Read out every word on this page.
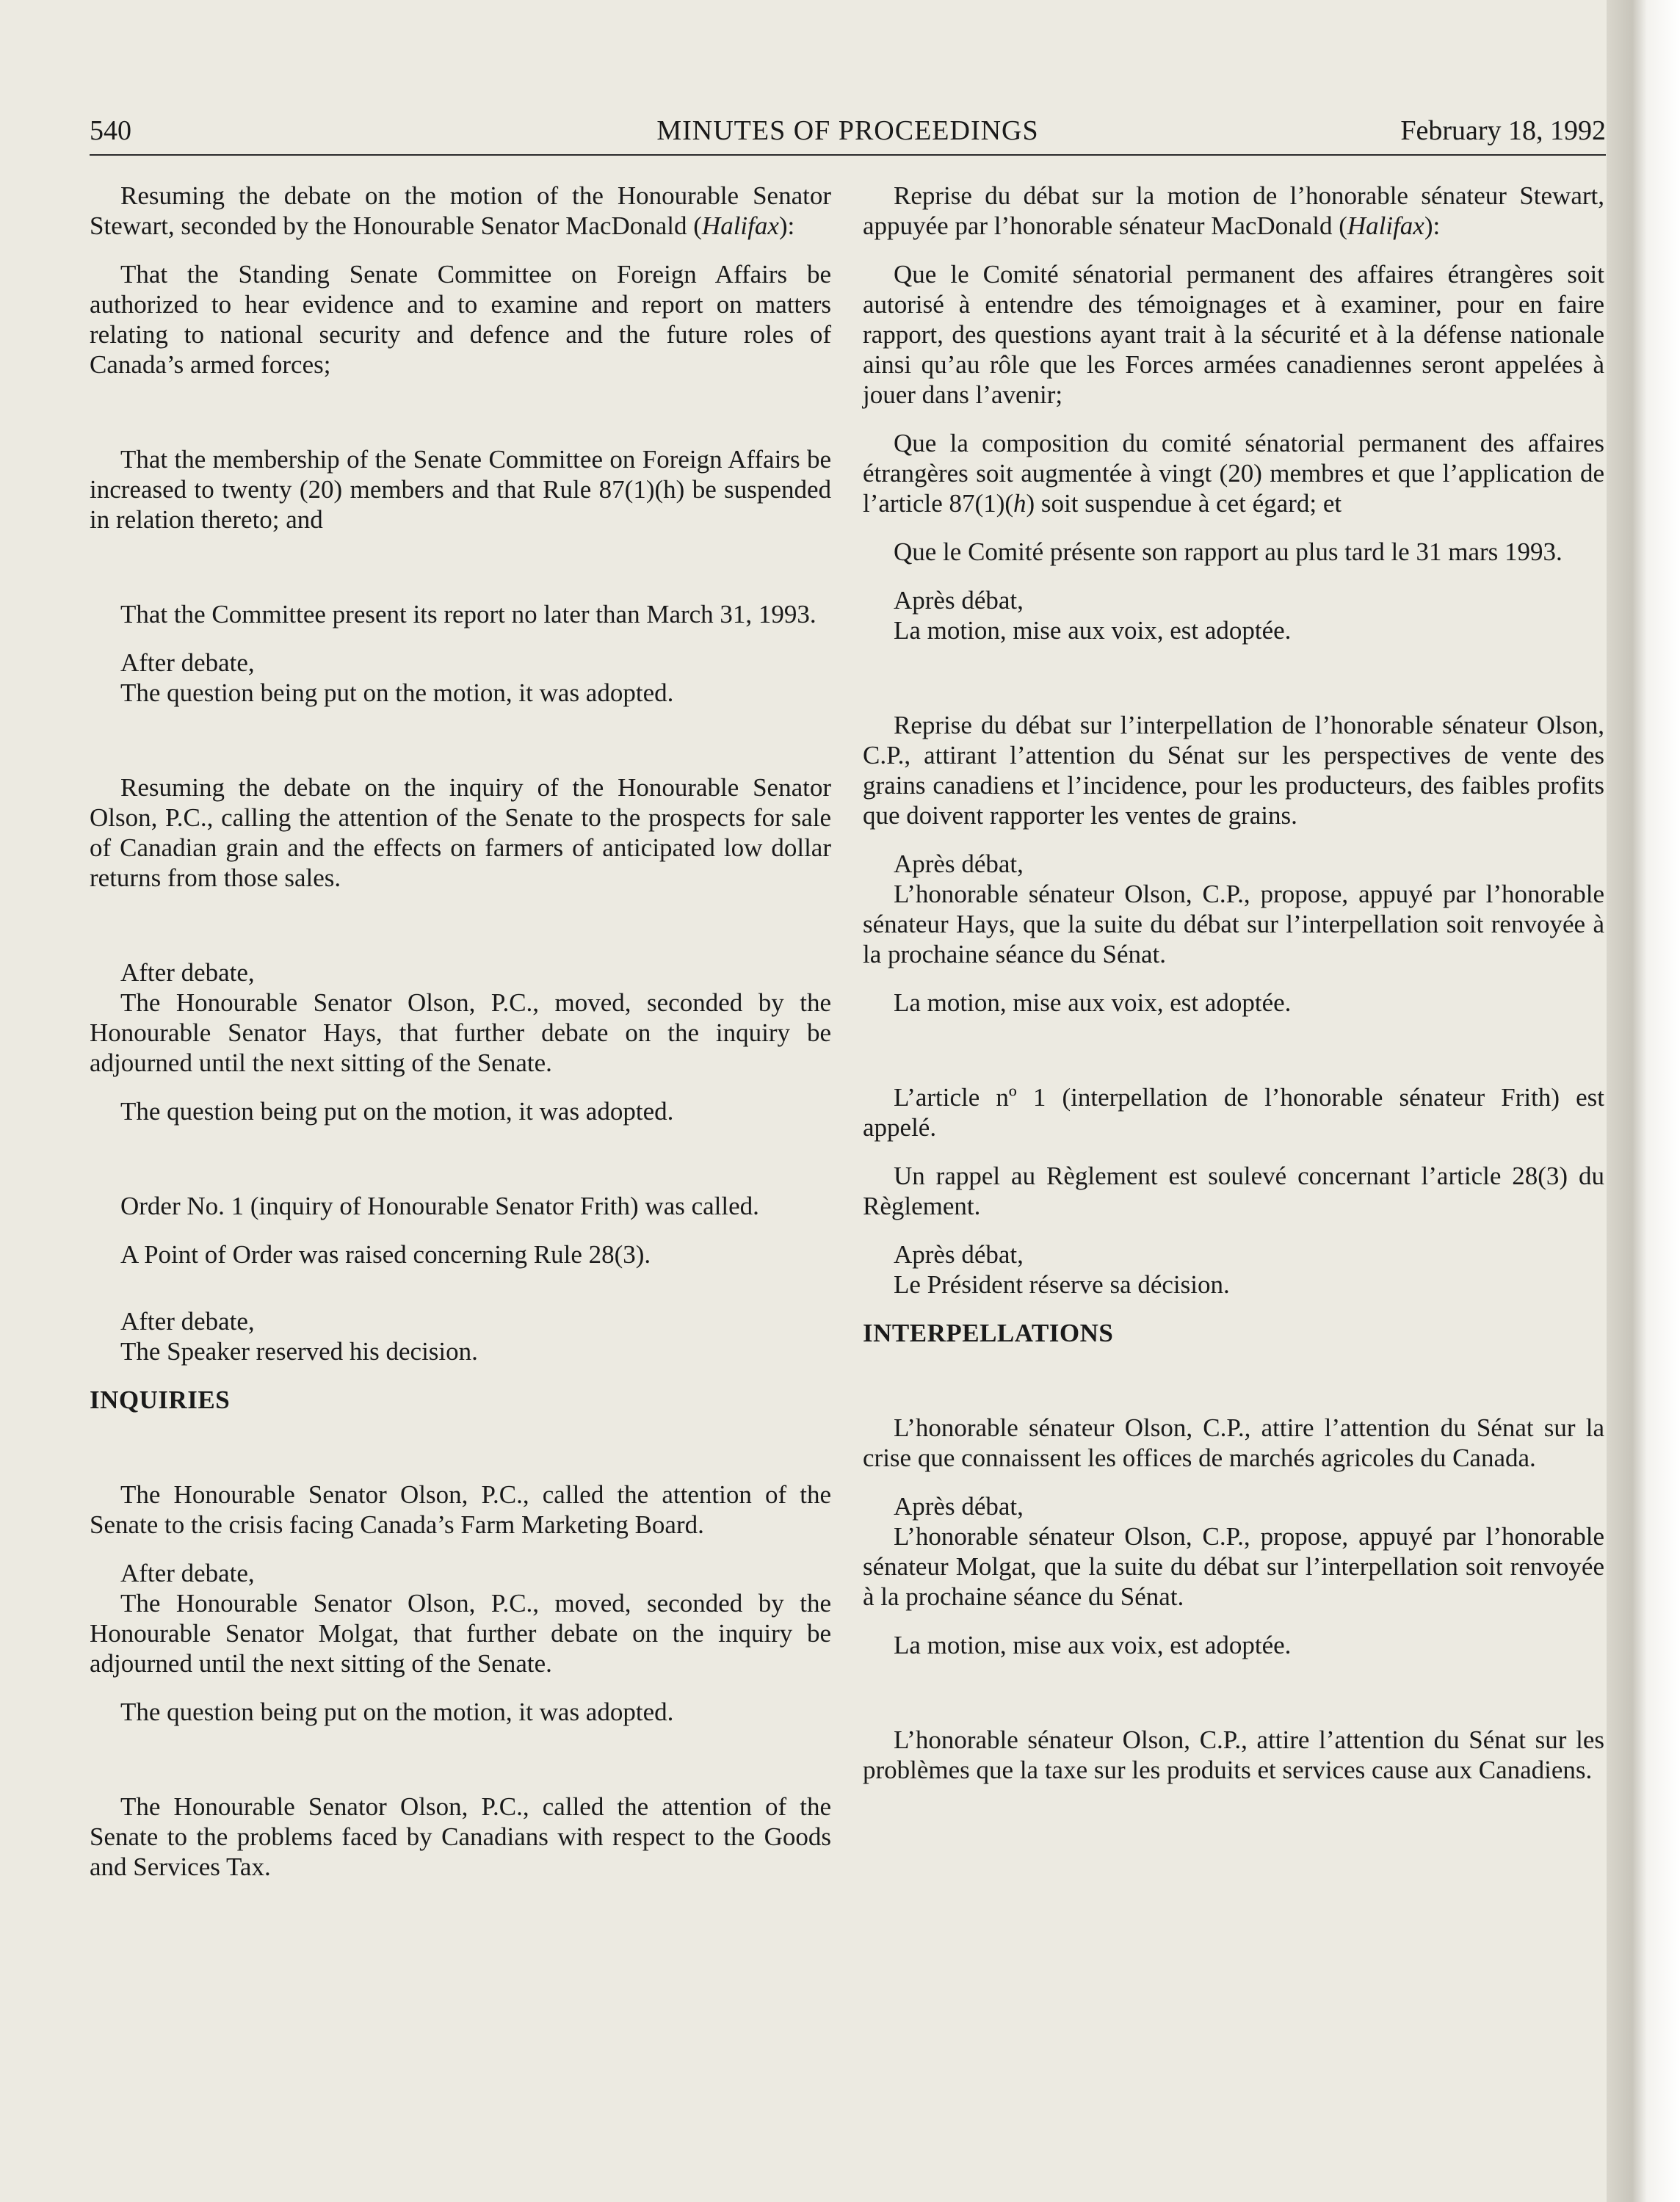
540	MINUTES OF PROCEEDINGS	February 18, 1992

Resuming the debate on the motion of the Honourable Senator Stewart, seconded by the Honourable Senator MacDonald (Halifax):

That the Standing Senate Committee on Foreign Affairs be authorized to hear evidence and to examine and report on matters relating to national security and defence and the future roles of Canada’s armed forces;

That the membership of the Senate Committee on Foreign Affairs be increased to twenty (20) members and that Rule 87(1)(h) be suspended in relation thereto; and

That the Committee present its report no later than March 31, 1993.

After debate,

The question being put on the motion, it was adopted.

Resuming the debate on the inquiry of the Honourable Senator Olson, P.C., calling the attention of the Senate to the prospects for sale of Canadian grain and the effects on farmers of anticipated low dollar returns from those sales.

After debate,

The Honourable Senator Olson, P.C., moved, seconded by the Honourable Senator Hays, that further debate on the inquiry be adjourned until the next sitting of the Senate.

The question being put on the motion, it was adopted.

Order No. 1 (inquiry of Honourable Senator Frith) was called.

A Point of Order was raised concerning Rule 28(3).

After debate,

The Speaker reserved his decision.

INQUIRIES

The Honourable Senator Olson, P.C., called the attention of the Senate to the crisis facing Canada’s Farm Marketing Board.

After debate,

The Honourable Senator Olson, P.C., moved, seconded by the Honourable Senator Molgat, that further debate on the inquiry be adjourned until the next sitting of the Senate.

The question being put on the motion, it was adopted.

The Honourable Senator Olson, P.C., called the attention of the Senate to the problems faced by Canadians with respect to the Goods and Services Tax.

Reprise du débat sur la motion de l’honorable sénateur Stewart, appuyée par l’honorable sénateur MacDonald (Halifax):

Que le Comité sénatorial permanent des affaires étrangères soit autorisé à entendre des témoignages et à examiner, pour en faire rapport, des questions ayant trait à la sécurité et à la défense nationale ainsi qu’au rôle que les Forces armées canadiennes seront appelées à jouer dans l’avenir;

Que la composition du comité sénatorial permanent des affaires étrangères soit augmentée à vingt (20) membres et que l’application de l’article 87(1)(h) soit suspendue à cet égard; et

Que le Comité présente son rapport au plus tard le 31 mars 1993.

Après débat,

La motion, mise aux voix, est adoptée.

Reprise du débat sur l’interpellation de l’honorable sénateur Olson, C.P., attirant l’attention du Sénat sur les perspectives de vente des grains canadiens et l’incidence, pour les producteurs, des faibles profits que doivent rapporter les ventes de grains.

Après débat,

L’honorable sénateur Olson, C.P., propose, appuyé par l’honorable sénateur Hays, que la suite du débat sur l’interpellation soit renvoyée à la prochaine séance du Sénat.

La motion, mise aux voix, est adoptée.

L’article nº 1 (interpellation de l’honorable sénateur Frith) est appelé.

Un rappel au Règlement est soulevé concernant l’article 28(3) du Règlement.

Après débat,

Le Président réserve sa décision.

INTERPELLATIONS

L’honorable sénateur Olson, C.P., attire l’attention du Sénat sur la crise que connaissent les offices de marchés agricoles du Canada.

Après débat,

L’honorable sénateur Olson, C.P., propose, appuyé par l’honorable sénateur Molgat, que la suite du débat sur l’interpellation soit renvoyée à la prochaine séance du Sénat.

La motion, mise aux voix, est adoptée.

L’honorable sénateur Olson, C.P., attire l’attention du Sénat sur les problèmes que la taxe sur les produits et services cause aux Canadiens.
